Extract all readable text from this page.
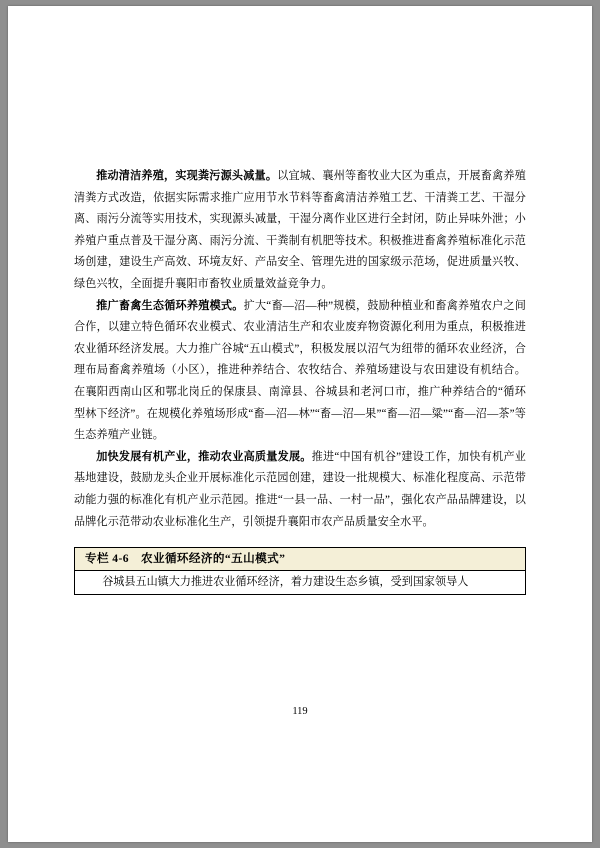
推动清洁养殖，实现粪污源头减量。以宜城、襄州等畜牧业大区为重点，开展畜禽养殖清粪方式改造，依据实际需求推广应用节水节料等畜禽清洁养殖工艺、干清粪工艺、干湿分离、雨污分流等实用技术，实现源头减量，干湿分离作业区进行全封闭，防止异味外泄；小养殖户重点普及干湿分离、雨污分流、干粪制有机肥等技术。积极推进畜禽养殖标准化示范场创建，建设生产高效、环境友好、产品安全、管理先进的国家级示范场，促进质量兴牧、绿色兴牧，全面提升襄阳市畜牧业质量效益竞争力。

推广畜禽生态循环养殖模式。扩大“畜—沼—种”规模，鼓励种植业和畜禽养殖农户之间合作，以建立特色循环农业模式、农业清洁生产和农业废弃物资源化利用为重点，积极推进农业循环经济发展。大力推广谷城“五山模式”，积极发展以沼气为纽带的循环农业经济，合理布局畜禽养殖场（小区），推进种养结合、农牧结合、养殖场建设与农田建设有机结合。在襄阳西南山区和鄂北岗丘的保康县、南漳县、谷城县和老河口市，推广种养结合的“循环型林下经济”。在规模化养殖场形成“畜—沼—林”“畜—沼—果”“畜—沼—粱”“畜—沼—茶”等生态养殖产业链。

加快发展有机产业，推动农业高质量发展。推进“中国有机谷”建设工作，加快有机产业基地建设，鼓励龙头企业开展标准化示范园创建，建设一批规模大、标准化程度高、示范带动能力强的标准化有机产业示范园。推进“一县一品、一村一品”，强化农产品品牌建设，以品牌化示范带动农业标准化生产，引领提升襄阳市农产品质量安全水平。

专栏 4-6 农业循环经济的“五山模式”
谷城县五山镇大力推进农业循环经济，着力建设生态乡镇，受到国家领导人
119
